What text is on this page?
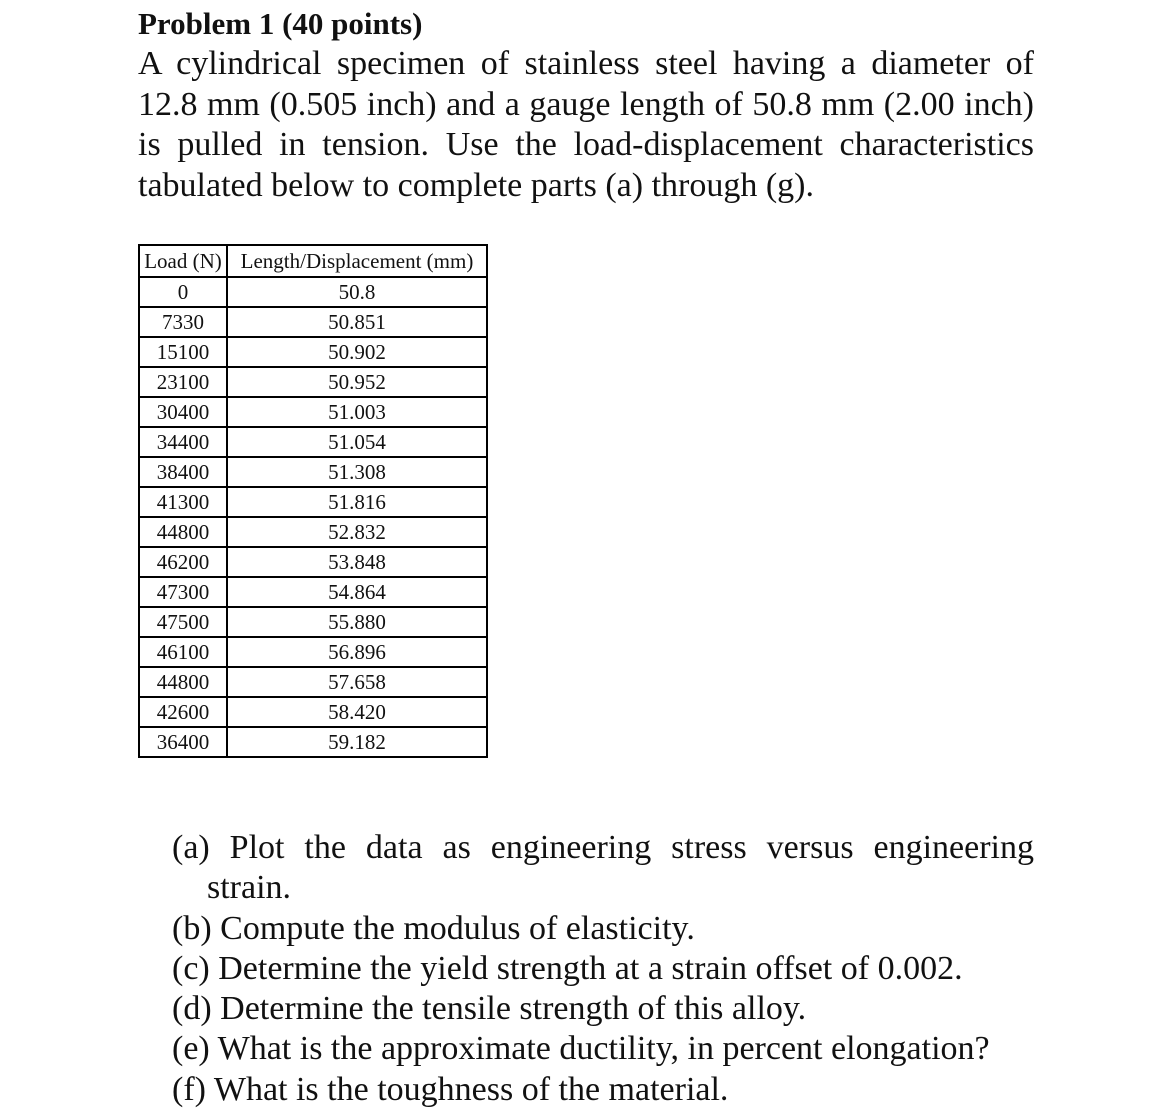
Problem 1 (40 points)

A cylindrical specimen of stainless steel having a diameter of 12.8 mm (0.505 inch) and a gauge length of 50.8 mm (2.00 inch) is pulled in tension. Use the load-displacement characteristics tabulated below to complete parts (a) through (g).

Load (N)	Length/Displacement (mm)
0	50.8
7330	50.851
15100	50.902
23100	50.952
30400	51.003
34400	51.054
38400	51.308
41300	51.816
44800	52.832
46200	53.848
47300	54.864
47500	55.880
46100	56.896
44800	57.658
42600	58.420
36400	59.182
(a) Plot the data as engineering stress versus engineering strain.
(b) Compute the modulus of elasticity.
(c) Determine the yield strength at a strain offset of 0.002.
(d) Determine the tensile strength of this alloy.
(e) What is the approximate ductility, in percent elongation?
(f) What is the toughness of the material.
